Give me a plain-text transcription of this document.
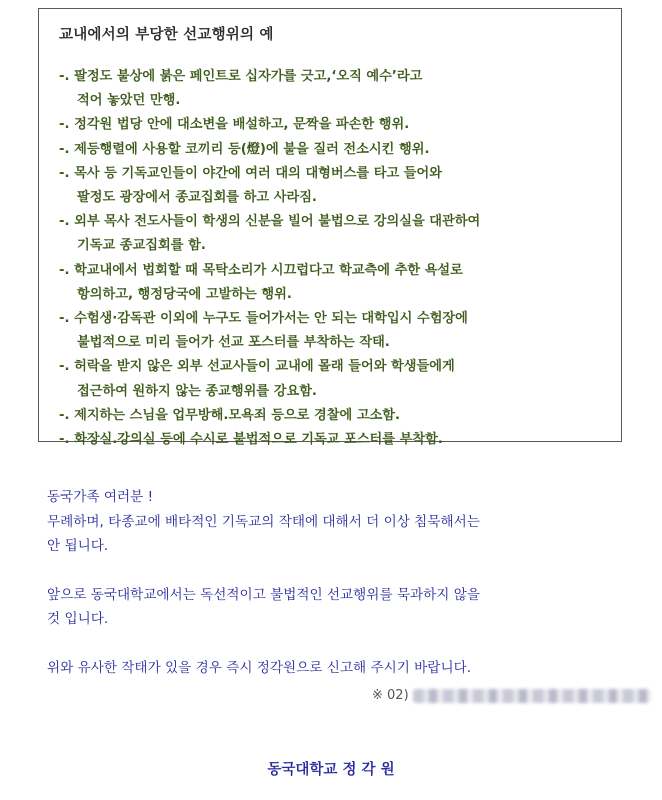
교내에서의 부당한 선교행위의 예
-. 팔정도 불상에 붉은 페인트로 십자가를 긋고,‘오직 예수’라고
적어 놓았던 만행.
-. 정각원 법당 안에 대소변을 배설하고, 문짝을 파손한 행위.
-. 제등행렬에 사용할 코끼리 등(燈)에 불을 질러 전소시킨 행위.
-. 목사 등 기독교인들이 야간에 여러 대의 대형버스를 타고 들어와
팔정도 광장에서 종교집회를 하고 사라짐.
-. 외부 목사 전도사들이 학생의 신분을 빌어 불법으로 강의실을 대관하여
기독교 종교집회를 함.
-. 학교내에서 법회할 때 목탁소리가 시끄럽다고 학교측에 추한 욕설로
항의하고, 행정당국에 고발하는 행위.
-. 수험생·감독관 이외에 누구도 들어가서는 안 되는 대학입시 수험장에
불법적으로 미리 들어가 선교 포스터를 부착하는 작태.
-. 허락을 받지 않은 외부 선교사들이 교내에 몰래 들어와 학생들에게
접근하여 원하지 않는 종교행위를 강요함.
-. 제지하는 스님을 업무방해.모욕죄 등으로 경찰에 고소함.
-. 화장실.강의실 등에 수시로 불법적으로 기독교 포스터를 부착함.

동국가족 여러분 !

무례하며, 타종교에 배타적인 기독교의 작태에 대해서 더 이상 침묵해서는
안 됩니다.

앞으로 동국대학교에서는 독선적이고 불법적인 선교행위를 묵과하지 않을
것 입니다.

위와 유사한 작태가 있을 경우 즉시 정각원으로 신고해 주시기 바랍니다.

※ 02)
동국대학교 정 각 원
